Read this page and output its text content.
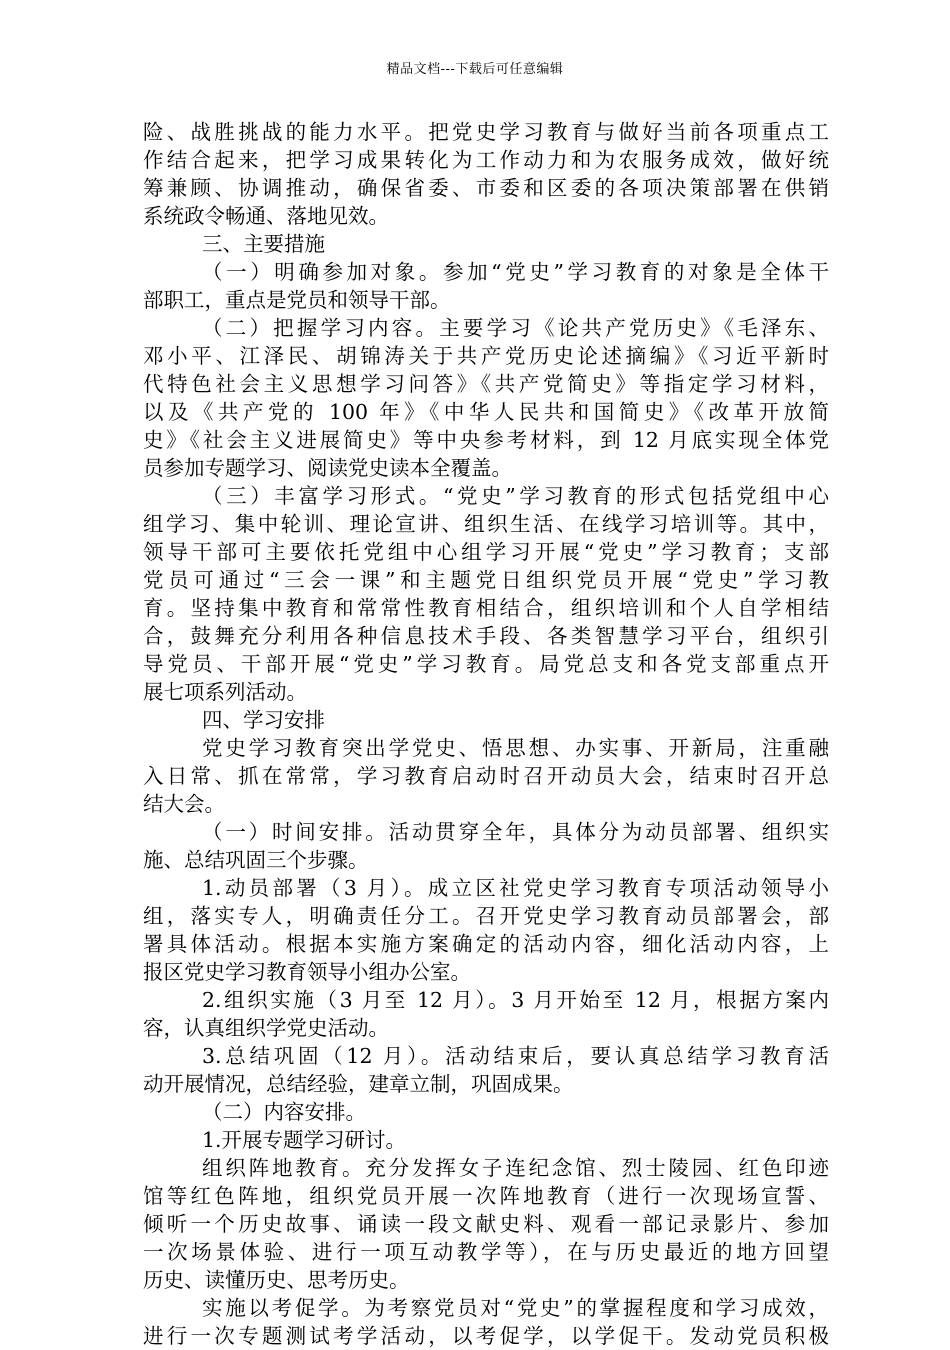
精品文档---下载后可任意编辑
险、战胜挑战的能力水平。把党史学习教育与做好当前各项重点工
作结合起来，把学习成果转化为工作动力和为农服务成效，做好统
筹兼顾、协调推动，确保省委、市委和区委的各项决策部署在供销
系统政令畅通、落地见效。
三、主要措施
（一）明确参加对象。参加“党史”学习教育的对象是全体干
部职工，重点是党员和领导干部。
（二）把握学习内容。主要学习《论共产党历史》《毛泽东、
邓小平、江泽民、胡锦涛关于共产党历史论述摘编》《习近平新时
代特色社会主义思想学习问答》《共产党简史》等指定学习材料，
以及《共产党的 100 年》《中华人民共和国简史》《改革开放简
史》《社会主义进展简史》等中央参考材料，到 12 月底实现全体党
员参加专题学习、阅读党史读本全覆盖。
（三）丰富学习形式。“党史”学习教育的形式包括党组中心
组学习、集中轮训、理论宣讲、组织生活、在线学习培训等。其中，
领导干部可主要依托党组中心组学习开展“党史”学习教育；支部
党员可通过“三会一课”和主题党日组织党员开展“党史”学习教
育。坚持集中教育和常常性教育相结合，组织培训和个人自学相结
合，鼓舞充分利用各种信息技术手段、各类智慧学习平台，组织引
导党员、干部开展“党史”学习教育。局党总支和各党支部重点开
展七项系列活动。
四、学习安排
党史学习教育突出学党史、悟思想、办实事、开新局，注重融
入日常、抓在常常，学习教育启动时召开动员大会，结束时召开总
结大会。
（一）时间安排。活动贯穿全年，具体分为动员部署、组织实
施、总结巩固三个步骤。
1.动员部署（3 月）。成立区社党史学习教育专项活动领导小
组，落实专人，明确责任分工。召开党史学习教育动员部署会，部
署具体活动。根据本实施方案确定的活动内容，细化活动内容，上
报区党史学习教育领导小组办公室。
2.组织实施（3 月至 12 月）。3 月开始至 12 月，根据方案内
容，认真组织学党史活动。
3.总结巩固（12 月）。活动结束后，要认真总结学习教育活
动开展情况，总结经验，建章立制，巩固成果。
（二）内容安排。
1.开展专题学习研讨。
组织阵地教育。充分发挥女子连纪念馆、烈士陵园、红色印迹
馆等红色阵地，组织党员开展一次阵地教育（进行一次现场宣誓、
倾听一个历史故事、诵读一段文献史料、观看一部记录影片、参加
一次场景体验、进行一项互动教学等），在与历史最近的地方回望
历史、读懂历史、思考历史。
实施以考促学。为考察党员对“党史”的掌握程度和学习成效，
进行一次专题测试考学活动，以考促学，以学促干。发动党员积极
